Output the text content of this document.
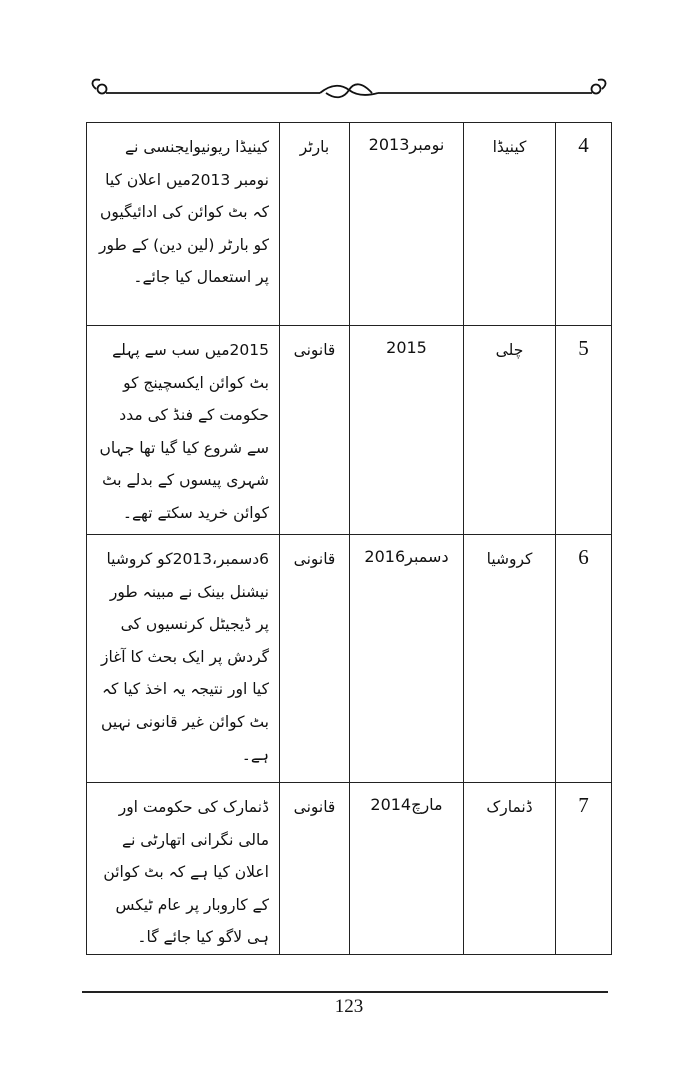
کینیڈا ریونیوایجنسی نے نومبر 2013میں اعلان کیا کہ بٹ کوائن کی ادائیگیوں کو بارٹر (لین دین) کے طور پر استعمال کیا جائے۔	بارٹر	نومبر2013	کینیڈا	4

2015میں سب سے پہلے بٹ کوائن ایکسچینج کو حکومت کے فنڈ کی مدد سے شروع کیا گیا تھا جہاں شہری پیسوں کے بدلے بٹ کوائن خرید سکتے تھے۔	قانونی	2015	چلی	5

6دسمبر،2013کو کروشیا نیشنل بینک نے مبینہ طور پر ڈیجیٹل کرنسیوں کی گردش پر ایک بحث کا آغاز کیا اور نتیجہ یہ اخذ کیا کہ بٹ کوائن غیر قانونی نہیں ہے۔	قانونی	دسمبر2016	کروشیا	6

ڈنمارک کی حکومت اور مالی نگرانی اتھارٹی نے اعلان کیا ہے کہ بٹ کوائن کے کاروبار پر عام ٹیکس ہی لاگو کیا جائے گا۔	قانونی	مارچ2014	ڈنمارک	7
123
